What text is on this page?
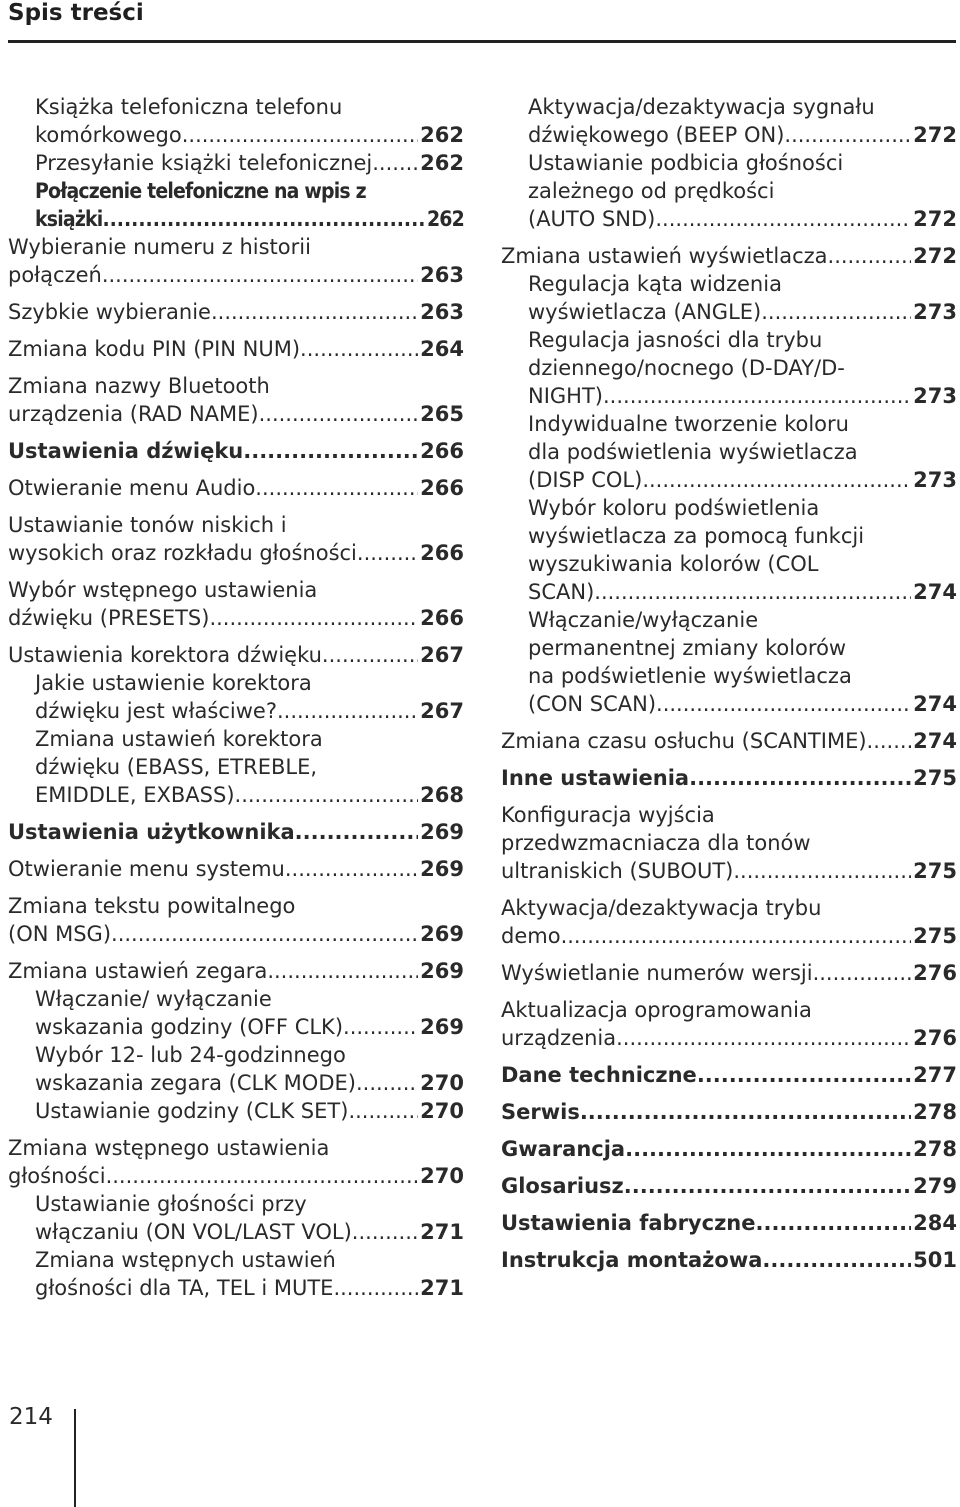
Spis treści
Książka telefoniczna telefonu
komórkowego .....	262
Przesyłanie książki telefonicznej ..... 262
Połączenie telefoniczne na wpis z
książki .....	262
Wybieranie numeru z historii
połączeń .....	263
Szybkie wybieranie .....	263
Zmiana kodu PIN (PIN NUM) .....	264
Zmiana nazwy Bluetooth
urządzenia (RAD NAME) .....	265
Ustawienia dźwięku .....	266
Otwieranie menu Audio .....	266
Ustawianie tonów niskich i
wysokich oraz rozkładu głośności .....	266
Wybór wstępnego ustawienia
dźwięku (PRESETS) .....	266
Ustawienia korektora dźwięku .....	267
Jakie ustawienie korektora
dźwięku jest właściwe? .....	267
Zmiana ustawień korektora
dźwięku (EBASS, ETREBLE,
EMIDDLE, EXBASS) .....	268
Ustawienia użytkownika .....	269
Otwieranie menu systemu .....	269
Zmiana tekstu powitalnego
(ON MSG) .....	269
Zmiana ustawień zegara .....	269
Włączanie/ wyłączanie
wskazania godziny (OFF CLK) .....	269
Wybór 12- lub 24-godzinnego
wskazania zegara (CLK MODE) .....	270
Ustawianie godziny (CLK SET) .....	270
Zmiana wstępnego ustawienia
głośności .....	270
Ustawianie głośności przy
włączaniu (ON VOL/LAST VOL) .....	271
Zmiana wstępnych ustawień
głośności dla TA, TEL i MUTE .....	271
Aktywacja/dezaktywacja sygnału
dźwiękowego (BEEP ON) .....	272
Ustawianie podbicia głośności
zależnego od prędkości
(AUTO SND) .....	272
Zmiana ustawień wyświetlacza .....	272
Regulacja kąta widzenia
wyświetlacza (ANGLE) .....	273
Regulacja jasności dla trybu
dziennego/nocnego (D-DAY/D-
NIGHT) .....	273
Indywidualne tworzenie koloru
dla podświetlenia wyświetlacza
(DISP COL) .....	273
Wybór koloru podświetlenia
wyświetlacza za pomocą funkcji
wyszukiwania kolorów (COL
SCAN) .....	274
Włączanie/wyłączanie
permanentnej zmiany kolorów
na podświetlenie wyświetlacza
(CON SCAN) .....	274
Zmiana czasu osłuchu (SCANTIME) ..... 274
Inne ustawienia .....	275
Konfiguracja wyjścia
przedwzmacniacza dla tonów
ultraniskich (SUBOUT) .....	275
Aktywacja/dezaktywacja trybu
demo .....	275
Wyświetlanie numerów wersji .....	276
Aktualizacja oprogramowania
urządzenia .....	276
Dane techniczne .....	277
Serwis .....	278
Gwarancja .....	278
Glosariusz .....	279
Ustawienia fabryczne .....	284
Instrukcja montażowa .....	501
214
